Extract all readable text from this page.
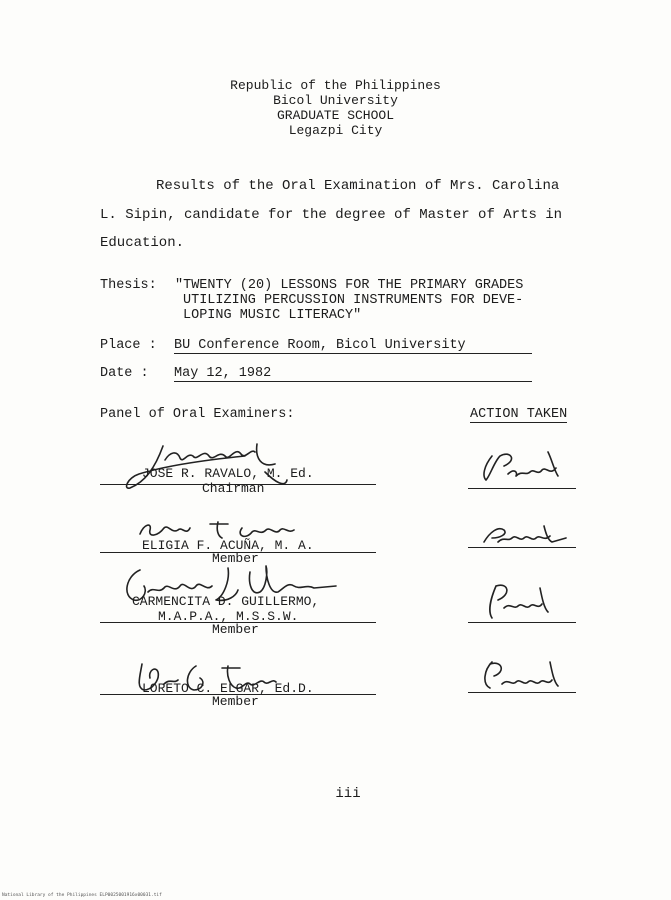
Republic of the Philippines
Bicol University
GRADUATE SCHOOL
Legazpi City
Results of the Oral Examination of Mrs. Carolina
L. Sipin, candidate for the degree of Master of Arts in
Education.
Thesis: "TWENTY (20) LESSONS FOR THE PRIMARY GRADES
UTILIZING PERCUSSION INSTRUMENTS FOR DEVE-
LOPING MUSIC LITERACY"
Place : BU Conference Room, Bicol University
Date : May 12, 1982
Panel of Oral Examiners:	ACTION TAKEN
JOSE R. RAVALO, M. Ed.
Chairman
ELIGIA F. ACUÑA, M. A.
Member
CARMENCITA D. GUILLERMO,
M.A.P.A., M.S.S.W.
Member
LORETO C. ELGAR, Ed.D.
Member
iii
National Library of the Philippines ELP0025001916x00031.tif
